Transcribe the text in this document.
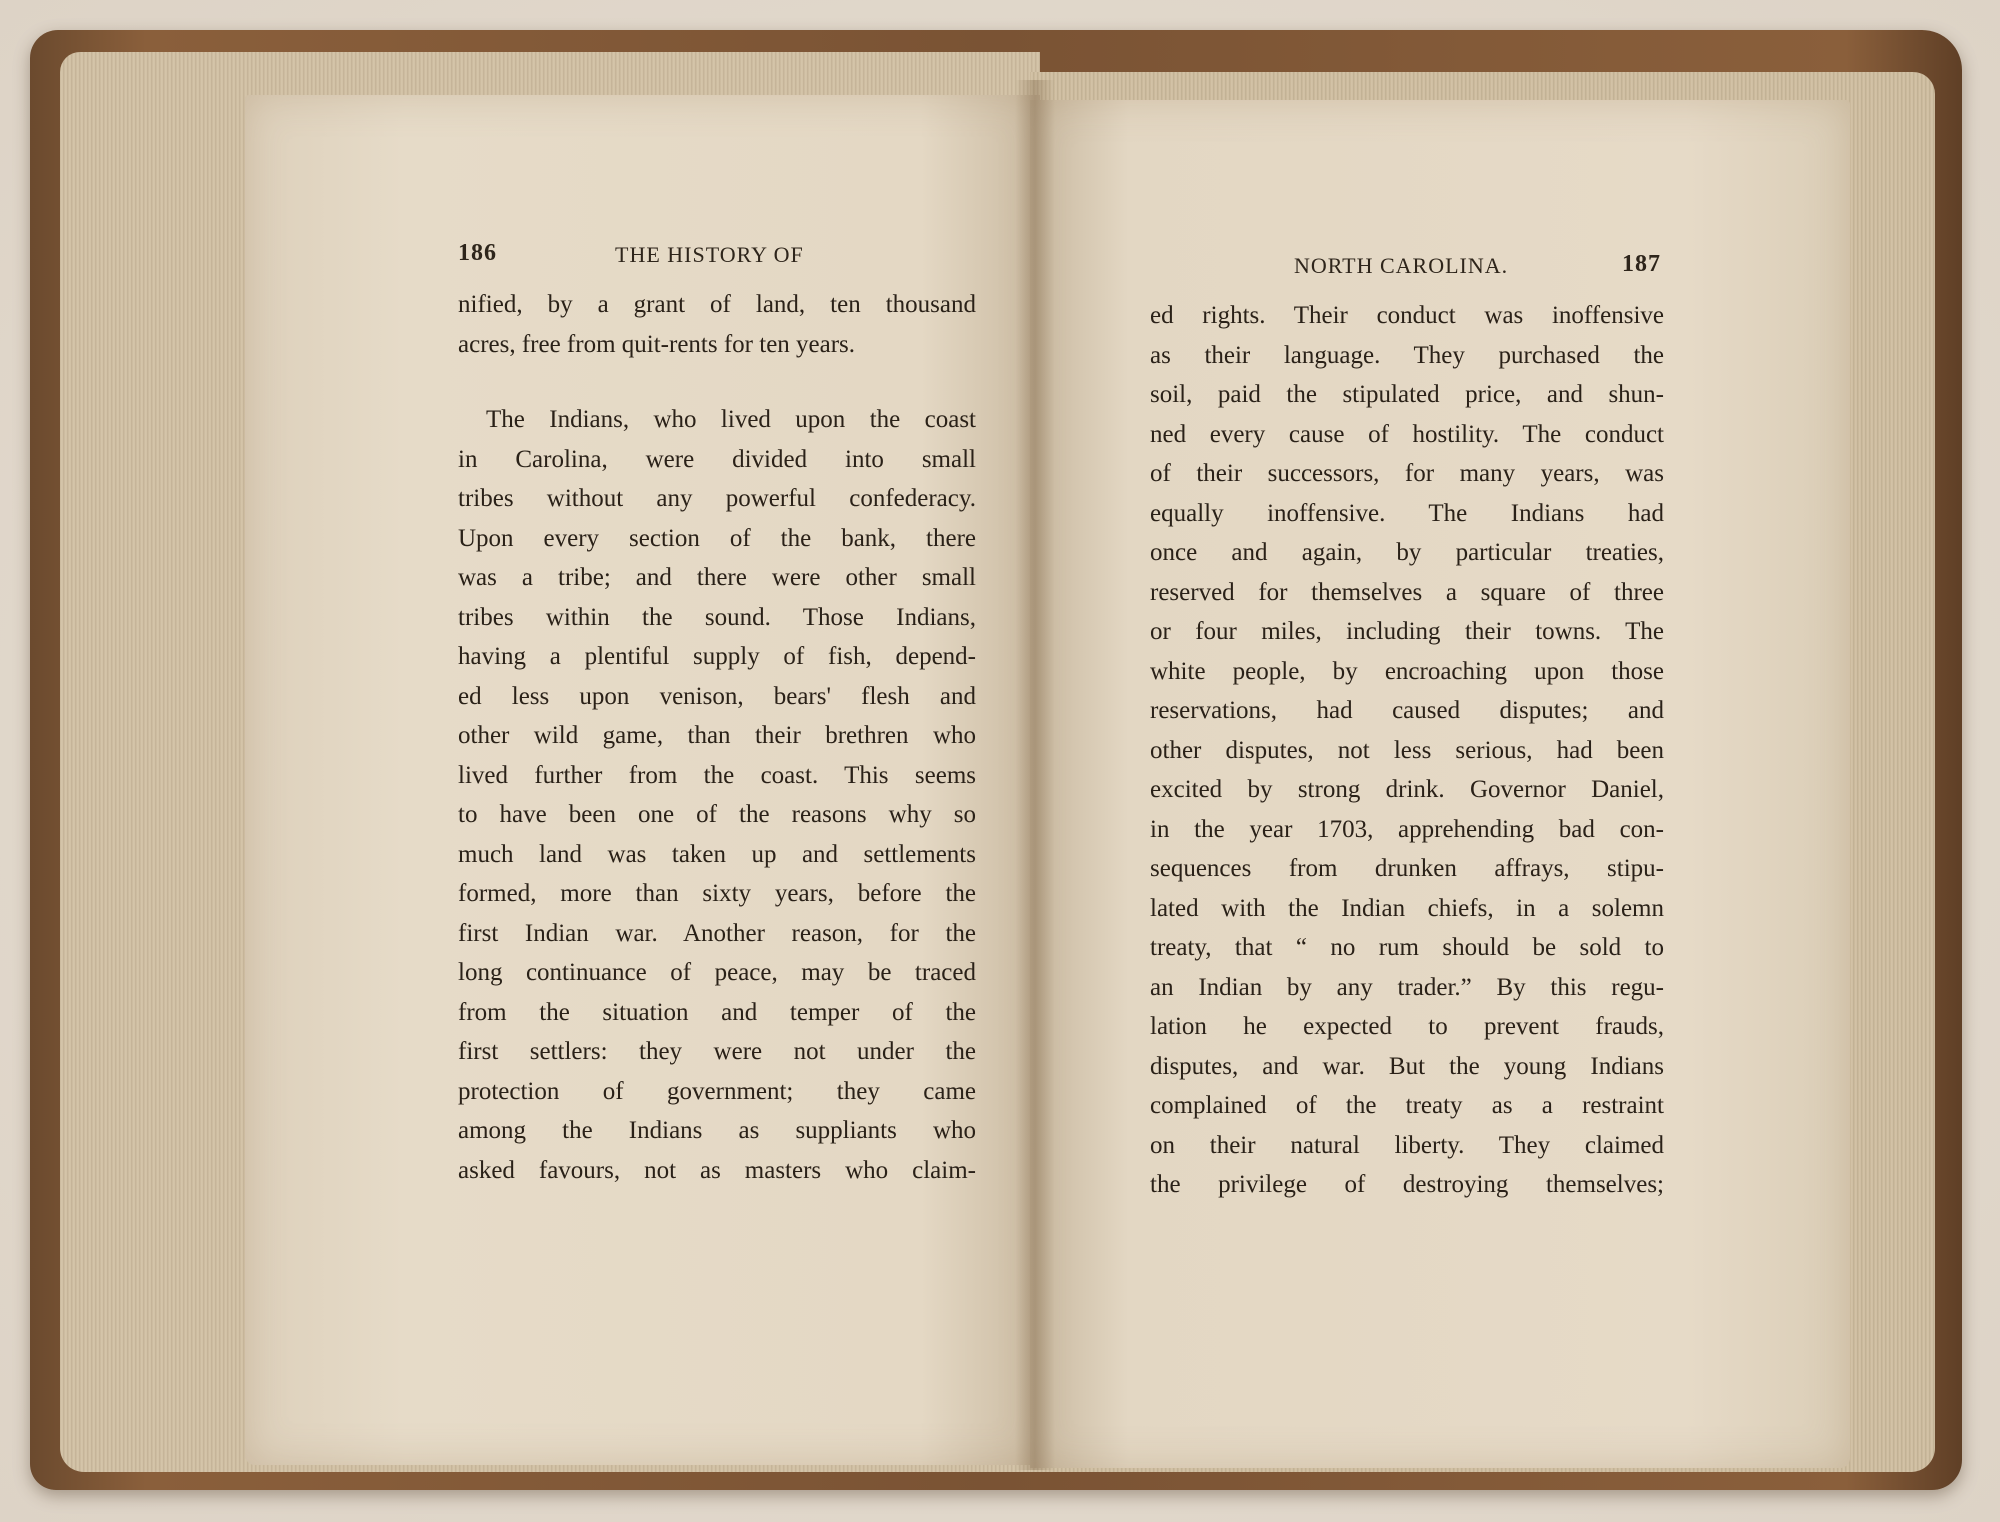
186	THE HISTORY OF	NORTH CAROLINA.	187
nified, by a grant of land, ten thousand
acres, free from quit-rents for ten years.
The Indians, who lived upon the coast
in Carolina, were divided into small
tribes without any powerful confederacy.
Upon every section of the bank, there
was a tribe; and there were other small
tribes within the sound. Those Indians,
having a plentiful supply of fish, depend-
ed less upon venison, bears' flesh and
other wild game, than their brethren who
lived further from the coast. This seems
to have been one of the reasons why so
much land was taken up and settlements
formed, more than sixty years, before the
first Indian war. Another reason, for the
long continuance of peace, may be traced
from the situation and temper of the
first settlers: they were not under the
protection of government; they came
among the Indians as suppliants who
asked favours, not as masters who claim-
ed rights. Their conduct was inoffensive
as their language. They purchased the
soil, paid the stipulated price, and shun-
ned every cause of hostility. The conduct
of their successors, for many years, was
equally inoffensive. The Indians had
once and again, by particular treaties,
reserved for themselves a square of three
or four miles, including their towns. The
white people, by encroaching upon those
reservations, had caused disputes; and
other disputes, not less serious, had been
excited by strong drink. Governor Daniel,
in the year 1703, apprehending bad con-
sequences from drunken affrays, stipu-
lated with the Indian chiefs, in a solemn
treaty, that “ no rum should be sold to
an Indian by any trader.” By this regu-
lation he expected to prevent frauds,
disputes, and war. But the young Indians
complained of the treaty as a restraint
on their natural liberty. They claimed
the privilege of destroying themselves;
